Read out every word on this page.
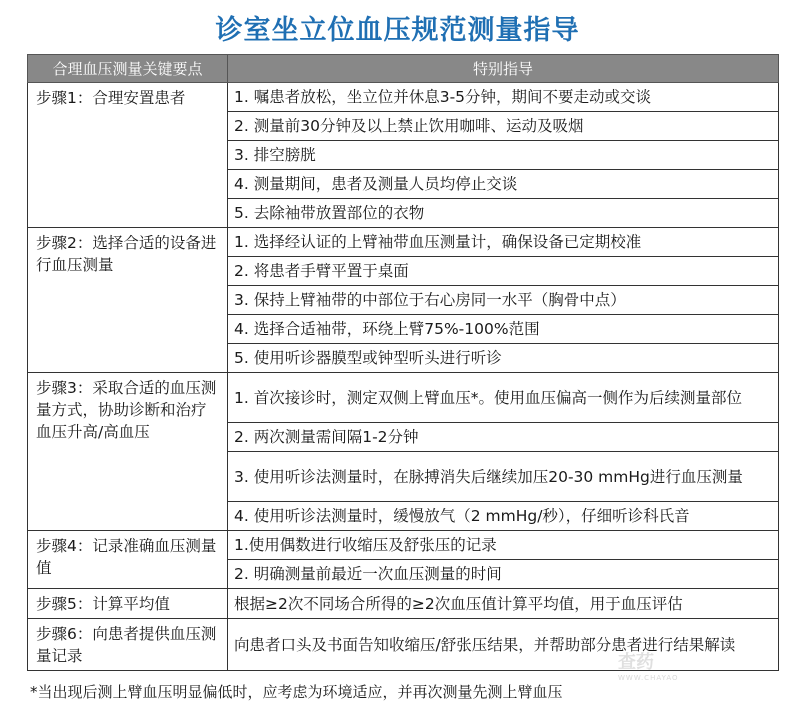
诊室坐立位血压规范测量指导
合理血压测量关键要点	特别指导
步骤1：合理安置患者	1. 嘱患者放松，坐立位并休息3-5分钟，期间不要走动或交谈
	2. 测量前30分钟及以上禁止饮用咖啡、运动及吸烟
	3. 排空膀胱
	4. 测量期间，患者及测量人员均停止交谈
	5. 去除袖带放置部位的衣物
步骤2：选择合适的设备进行血压测量	1. 选择经认证的上臂袖带血压测量计，确保设备已定期校准
	2. 将患者手臂平置于桌面
	3. 保持上臂袖带的中部位于右心房同一水平（胸骨中点）
	4. 选择合适袖带，环绕上臂75%-100%范围
	5. 使用听诊器膜型或钟型听头进行听诊
步骤3：采取合适的血压测量方式，协助诊断和治疗血压升高/高血压	1. 首次接诊时，测定双侧上臂血压*。使用血压偏高一侧作为后续测量部位
	2. 两次测量需间隔1-2分钟
	3. 使用听诊法测量时，在脉搏消失后继续加压20-30 mmHg进行血压测量
	4. 使用听诊法测量时，缓慢放气（2 mmHg/秒），仔细听诊科氏音
步骤4：记录准确血压测量值	1.使用偶数进行收缩压及舒张压的记录
	2. 明确测量前最近一次血压测量的时间
步骤5：计算平均值	根据≥2次不同场合所得的≥2次血压值计算平均值，用于血压评估
步骤6：向患者提供血压测量记录	向患者口头及书面告知收缩压/舒张压结果，并帮助部分患者进行结果解读
查药
WWW.CHAYAO
*当出现后测上臂血压明显偏低时，应考虑为环境适应，并再次测量先测上臂血压
